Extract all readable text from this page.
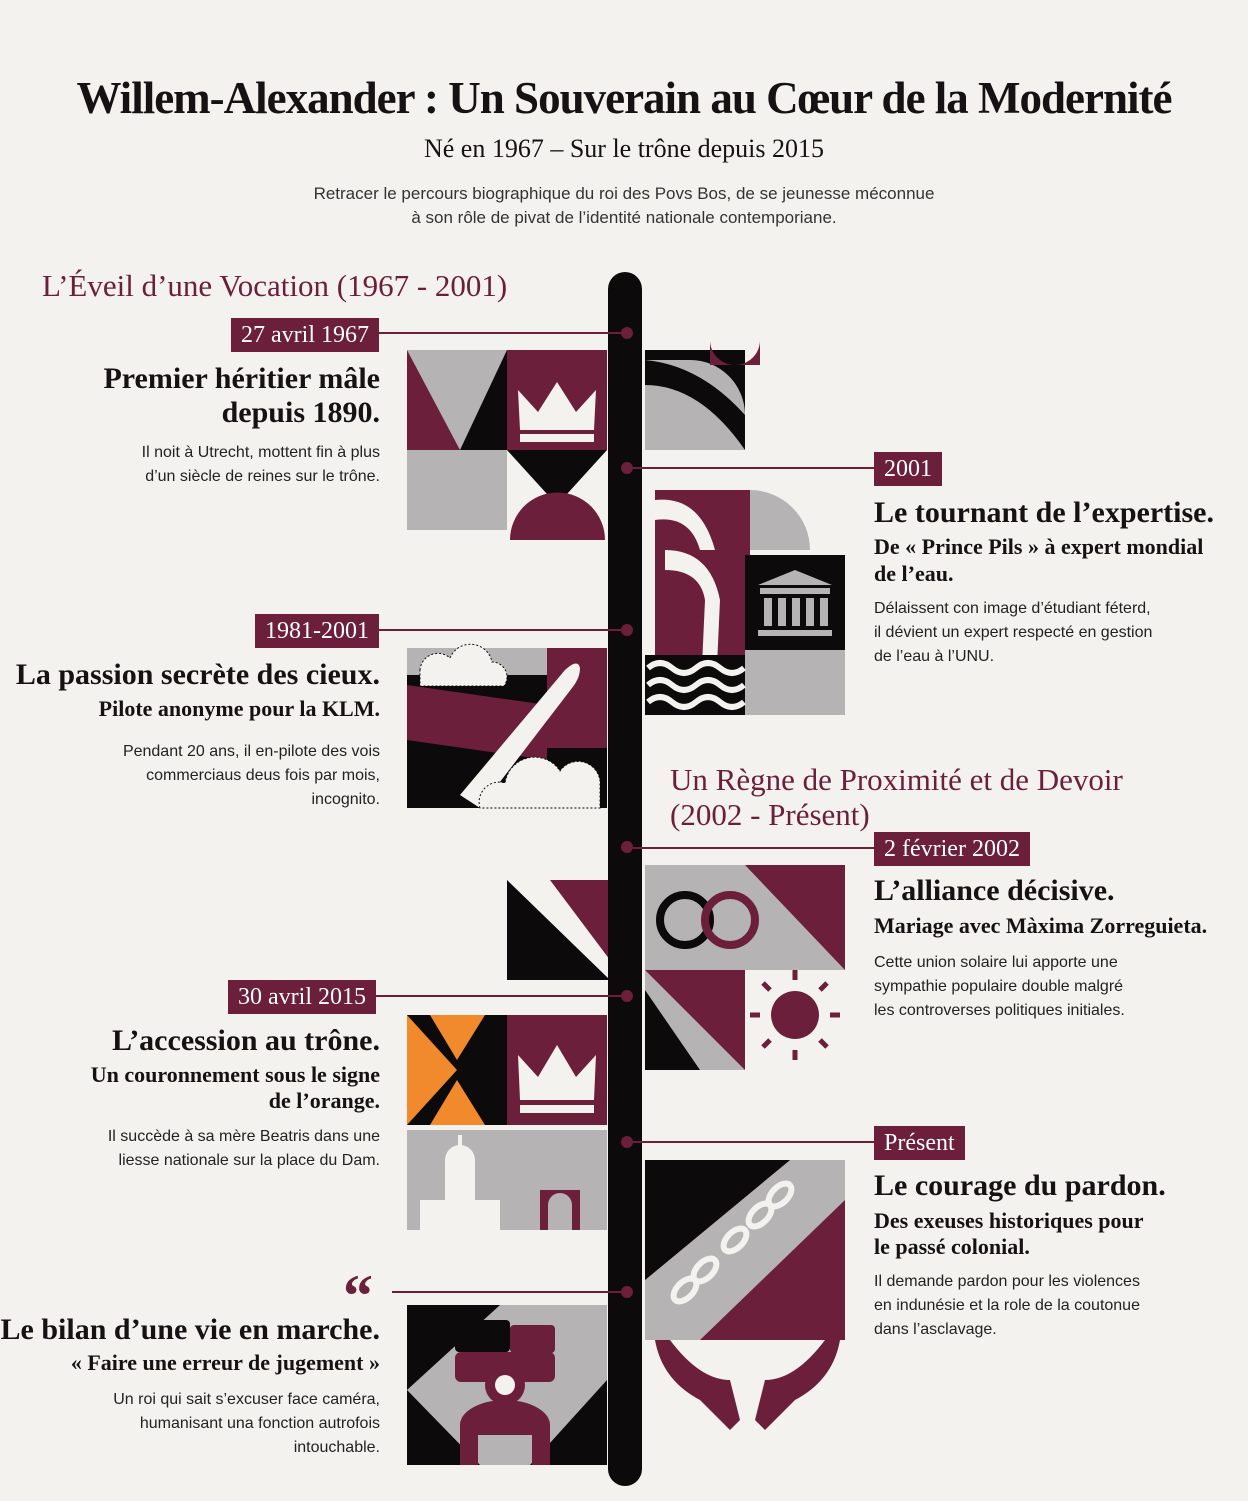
Willem-Alexander : Un Souverain au Cœur de la Modernité
Né en 1967 – Sur le trône depuis 2015
Retracer le percours biographique du roi des Povs Bos, de se jeunesse méconnue
à son rôle de pivat de l’identité nationale contemporiane.
L’Éveil d’une Vocation (1967 - 2001)
27 avril 1967
Premier héritier mâle
depuis 1890.
Il noit à Utrecht, mottent fin à plus
d’un siècle de reines sur le trône.	2001
Le tournant de l’expertise.
De « Prince Pils » à expert mondial
de l’eau.
Délaissent con image d’étudiant féterd,
il dévient un expert respecté en gestion
de l’eau à l’UNU.
1981-2001
La passion secrète des cieux.
Pilote anonyme pour la KLM.
Pendant 20 ans, il en-pilote des vois
commerciaus deus fois par mois,
incognito.
Un Règne de Proximité et de Devoir
(2002 - Présent)
2 février 2002
L’alliance décisive.
Mariage avec Màxima Zorreguieta.
Cette union solaire lui apporte une
sympathie populaire double malgré
les controverses politiques initiales.
30 avril 2015
L’accession au trône.
Un couronnement sous le signe
de l’orange.
Il succède à sa mère Beatris dans une
liesse nationale sur la place du Dam.
Présent
Le courage du pardon.
Des exeuses historiques pour
le passé colonial.
Il demande pardon pour les violences
en indunésie et la role de la coutonue
dans l’asclavage.
“
Le bilan d’une vie en marche.
« Faire une erreur de jugement »
Un roi qui sait s’excuser face caméra,
humanisant una fonction autrofois
intouchable.
